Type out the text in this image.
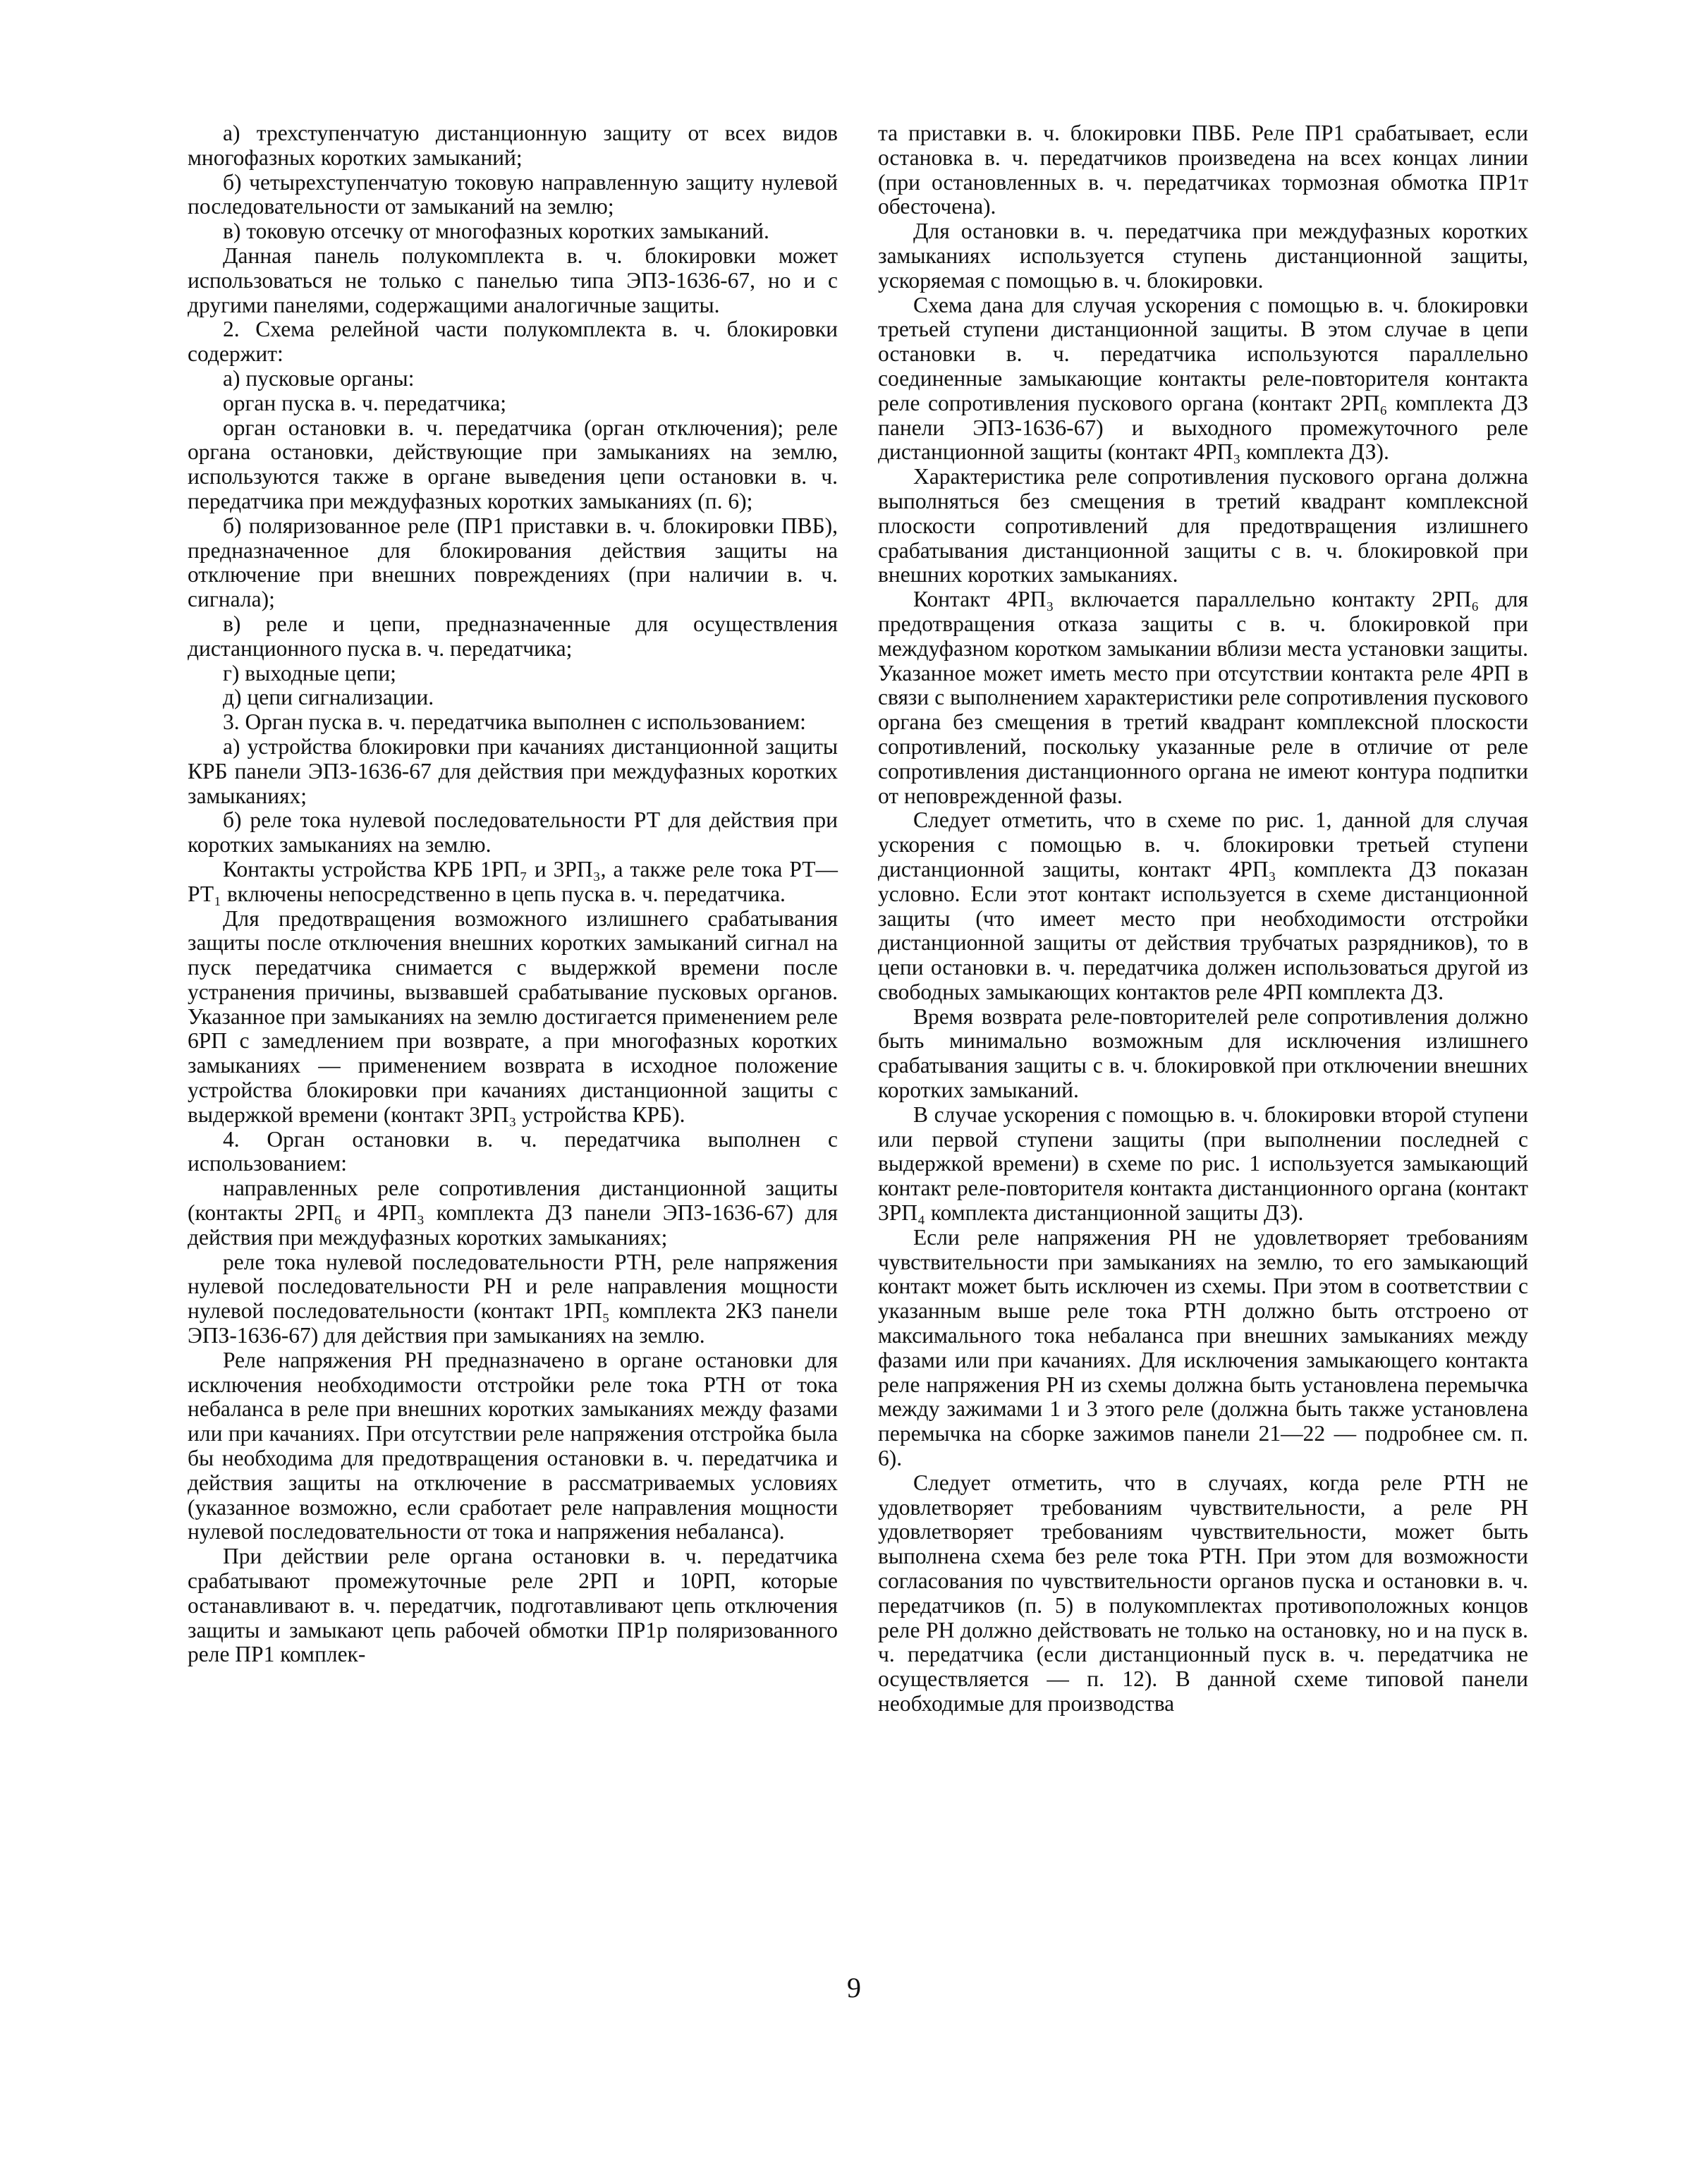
а) трехступенчатую дистанционную защиту от всех видов многофазных коротких замыканий;

б) четырехступенчатую токовую направленную защиту нулевой последовательности от замыканий на землю;

в) токовую отсечку от многофазных коротких замыканий.

Данная панель полукомплекта в. ч. блокировки может использоваться не только с панелью типа ЭПЗ-1636-67, но и с другими панелями, содержащими аналогичные защиты.

2. Схема релейной части полукомплекта в. ч. блокировки содержит:

а) пусковые органы:

орган пуска в. ч. передатчика;

орган остановки в. ч. передатчика (орган отключения); реле органа остановки, действующие при замыканиях на землю, используются также в органе выведения цепи остановки в. ч. передатчика при междуфазных коротких замыканиях (п. 6);

б) поляризованное реле (ПР1 приставки в. ч. блокировки ПВБ), предназначенное для блокирования действия защиты на отключение при внешних повреждениях (при наличии в. ч. сигнала);

в) реле и цепи, предназначенные для осуществления дистанционного пуска в. ч. передатчика;

г) выходные цепи;

д) цепи сигнализации.

3. Орган пуска в. ч. передатчика выполнен с использованием:

а) устройства блокировки при качаниях дистанционной защиты КРБ панели ЭПЗ-1636-67 для действия при междуфазных коротких замыканиях;

б) реле тока нулевой последовательности РТ для действия при коротких замыканиях на землю.

Контакты устройства КРБ 1РП₇ и 3РП₃, а также реле тока РТ—РТ₁ включены непосредственно в цепь пуска в. ч. передатчика.

Для предотвращения возможного излишнего срабатывания защиты после отключения внешних коротких замыканий сигнал на пуск передатчика снимается с выдержкой времени после устранения причины, вызвавшей срабатывание пусковых органов. Указанное при замыканиях на землю достигается применением реле 6РП с замедлением при возврате, а при многофазных коротких замыканиях — применением возврата в исходное положение устройства блокировки при качаниях дистанционной защиты с выдержкой времени (контакт 3РП₃ устройства КРБ).

4. Орган остановки в. ч. передатчика выполнен с использованием:

направленных реле сопротивления дистанционной защиты (контакты 2РП₆ и 4РП₃ комплекта ДЗ панели ЭПЗ-1636-67) для действия при междуфазных коротких замыканиях;

реле тока нулевой последовательности РТН, реле напряжения нулевой последовательности РН и реле направления мощности нулевой последовательности (контакт 1РП₅ комплекта 2КЗ панели ЭПЗ-1636-67) для действия при замыканиях на землю.

Реле напряжения РН предназначено в органе остановки для исключения необходимости отстройки реле тока РТН от тока небаланса в реле при внешних коротких замыканиях между фазами или при качаниях. При отсутствии реле напряжения отстройка была бы необходима для предотвращения остановки в. ч. передатчика и действия защиты на отключение в рассматриваемых условиях (указанное возможно, если сработает реле направления мощности нулевой последовательности от тока и напряжения небаланса).

При действии реле органа остановки в. ч. передатчика срабатывают промежуточные реле 2РП и 10РП, которые останавливают в. ч. передатчик, подготавливают цепь отключения защиты и замыкают цепь рабочей обмотки ПР1р поляризованного реле ПР1 комплек-

та приставки в. ч. блокировки ПВБ. Реле ПР1 срабатывает, если остановка в. ч. передатчиков произведена на всех концах линии (при остановленных в. ч. передатчиках тормозная обмотка ПР1т обесточена).

Для остановки в. ч. передатчика при междуфазных коротких замыканиях используется ступень дистанционной защиты, ускоряемая с помощью в. ч. блокировки.

Схема дана для случая ускорения с помощью в. ч. блокировки третьей ступени дистанционной защиты. В этом случае в цепи остановки в. ч. передатчика используются параллельно соединенные замыкающие контакты реле-повторителя контакта реле сопротивления пускового органа (контакт 2РП₆ комплекта ДЗ панели ЭПЗ-1636-67) и выходного промежуточного реле дистанционной защиты (контакт 4РП₃ комплекта ДЗ).

Характеристика реле сопротивления пускового органа должна выполняться без смещения в третий квадрант комплексной плоскости сопротивлений для предотвращения излишнего срабатывания дистанционной защиты с в. ч. блокировкой при внешних коротких замыканиях.

Контакт 4РП₃ включается параллельно контакту 2РП₆ для предотвращения отказа защиты с в. ч. блокировкой при междуфазном коротком замыкании вблизи места установки защиты. Указанное может иметь место при отсутствии контакта реле 4РП в связи с выполнением характеристики реле сопротивления пускового органа без смещения в третий квадрант комплексной плоскости сопротивлений, поскольку указанные реле в отличие от реле сопротивления дистанционного органа не имеют контура подпитки от неповрежденной фазы.

Следует отметить, что в схеме по рис. 1, данной для случая ускорения с помощью в. ч. блокировки третьей ступени дистанционной защиты, контакт 4РП₃ комплекта ДЗ показан условно. Если этот контакт используется в схеме дистанционной защиты (что имеет место при необходимости отстройки дистанционной защиты от действия трубчатых разрядников), то в цепи остановки в. ч. передатчика должен использоваться другой из свободных замыкающих контактов реле 4РП комплекта ДЗ.

Время возврата реле-повторителей реле сопротивления должно быть минимально возможным для исключения излишнего срабатывания защиты с в. ч. блокировкой при отключении внешних коротких замыканий.

В случае ускорения с помощью в. ч. блокировки второй ступени или первой ступени защиты (при выполнении последней с выдержкой времени) в схеме по рис. 1 используется замыкающий контакт реле-повторителя контакта дистанционного органа (контакт 3РП₄ комплекта дистанционной защиты ДЗ).

Если реле напряжения РН не удовлетворяет требованиям чувствительности при замыканиях на землю, то его замыкающий контакт может быть исключен из схемы. При этом в соответствии с указанным выше реле тока РТН должно быть отстроено от максимального тока небаланса при внешних замыканиях между фазами или при качаниях. Для исключения замыкающего контакта реле напряжения РН из схемы должна быть установлена перемычка между зажимами 1 и 3 этого реле (должна быть также установлена перемычка на сборке зажимов панели 21—22 — подробнее см. п. 6).

Следует отметить, что в случаях, когда реле РТН не удовлетворяет требованиям чувствительности, а реле РН удовлетворяет требованиям чувствительности, может быть выполнена схема без реле тока РТН. При этом для возможности согласования по чувствительности органов пуска и остановки в. ч. передатчиков (п. 5) в полукомплектах противоположных концов реле РН должно действовать не только на остановку, но и на пуск в. ч. передатчика (если дистанционный пуск в. ч. передатчика не осуществляется — п. 12). В данной схеме типовой панели необходимые для производства

9
